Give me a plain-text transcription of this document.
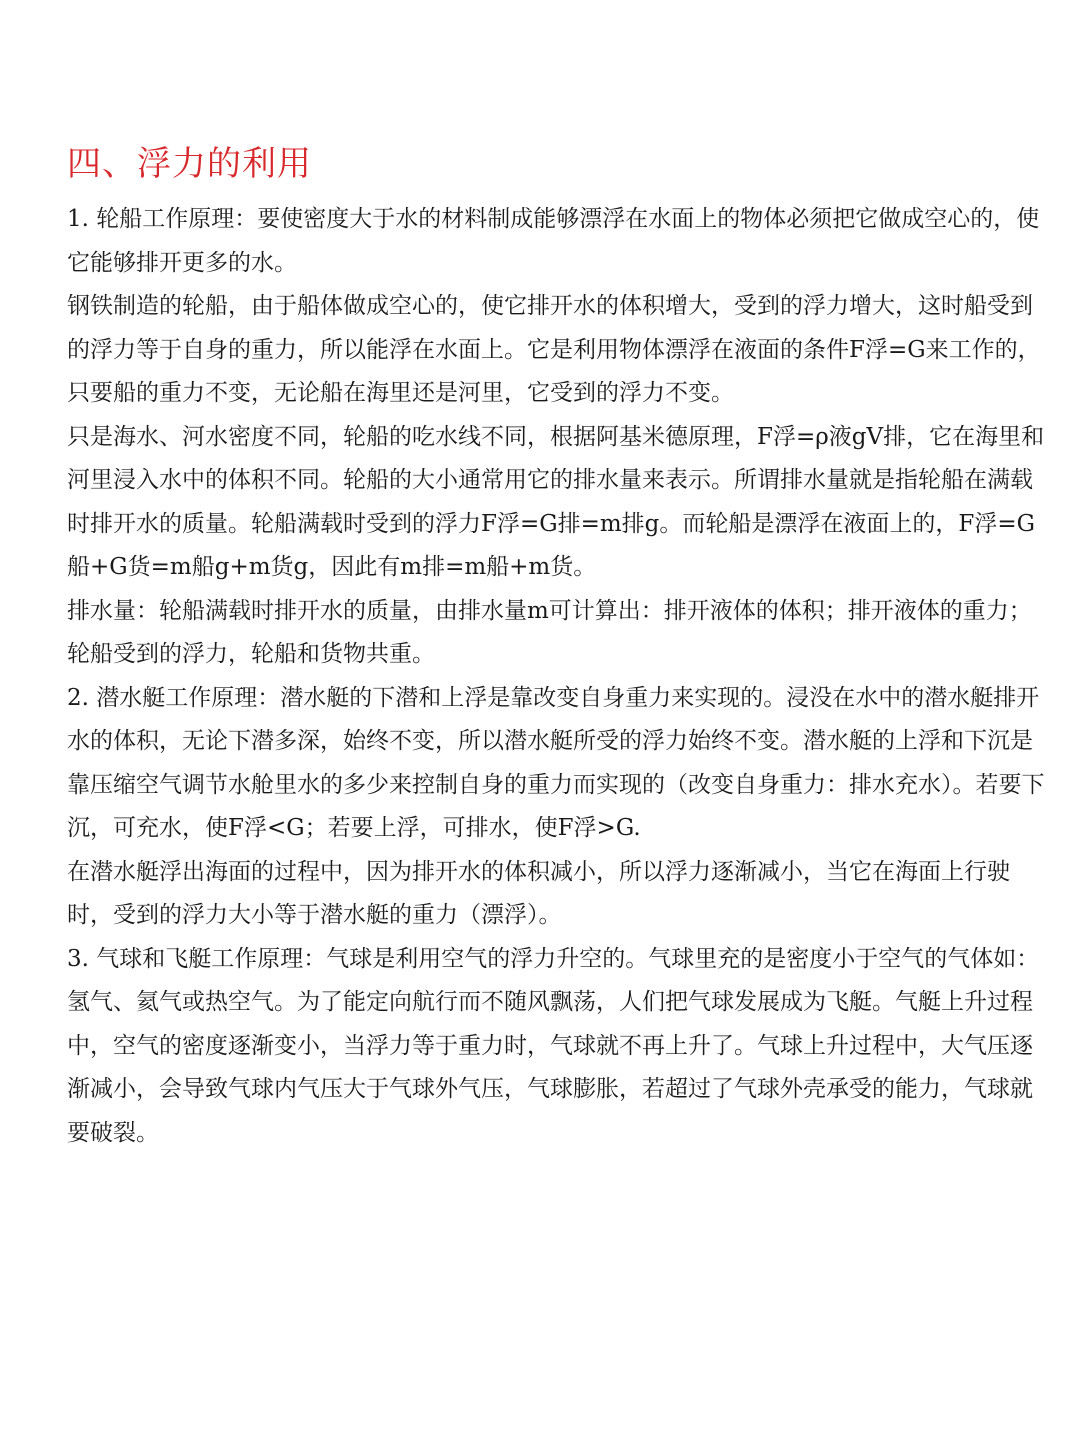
四、浮力的利用

1. 轮船工作原理：要使密度大于水的材料制成能够漂浮在水面上的物体必须把它做成空心的，使它能够排开更多的水。

钢铁制造的轮船，由于船体做成空心的，使它排开水的体积增大，受到的浮力增大，这时船受到的浮力等于自身的重力，所以能浮在水面上。它是利用物体漂浮在液面的条件F浮=G来工作的，只要船的重力不变，无论船在海里还是河里，它受到的浮力不变。

只是海水、河水密度不同，轮船的吃水线不同，根据阿基米德原理，F浮=ρ液gV排，它在海里和河里浸入水中的体积不同。轮船的大小通常用它的排水量来表示。所谓排水量就是指轮船在满载时排开水的质量。轮船满载时受到的浮力F浮=G排=m排g。而轮船是漂浮在液面上的，F浮=G船+G货=m船g+m货g，因此有m排=m船+m货。

排水量：轮船满载时排开水的质量，由排水量m可计算出：排开液体的体积；排开液体的重力；轮船受到的浮力，轮船和货物共重。

2. 潜水艇工作原理：潜水艇的下潜和上浮是靠改变自身重力来实现的。浸没在水中的潜水艇排开水的体积，无论下潜多深，始终不变，所以潜水艇所受的浮力始终不变。潜水艇的上浮和下沉是靠压缩空气调节水舱里水的多少来控制自身的重力而实现的（改变自身重力：排水充水）。若要下沉，可充水，使F浮<G；若要上浮，可排水，使F浮>G.

在潜水艇浮出海面的过程中，因为排开水的体积减小，所以浮力逐渐减小，当它在海面上行驶时，受到的浮力大小等于潜水艇的重力（漂浮）。

3. 气球和飞艇工作原理：气球是利用空气的浮力升空的。气球里充的是密度小于空气的气体如：氢气、氦气或热空气。为了能定向航行而不随风飘荡，人们把气球发展成为飞艇。气艇上升过程中，空气的密度逐渐变小，当浮力等于重力时，气球就不再上升了。气球上升过程中，大气压逐渐减小，会导致气球内气压大于气球外气压，气球膨胀，若超过了气球外壳承受的能力，气球就要破裂。
